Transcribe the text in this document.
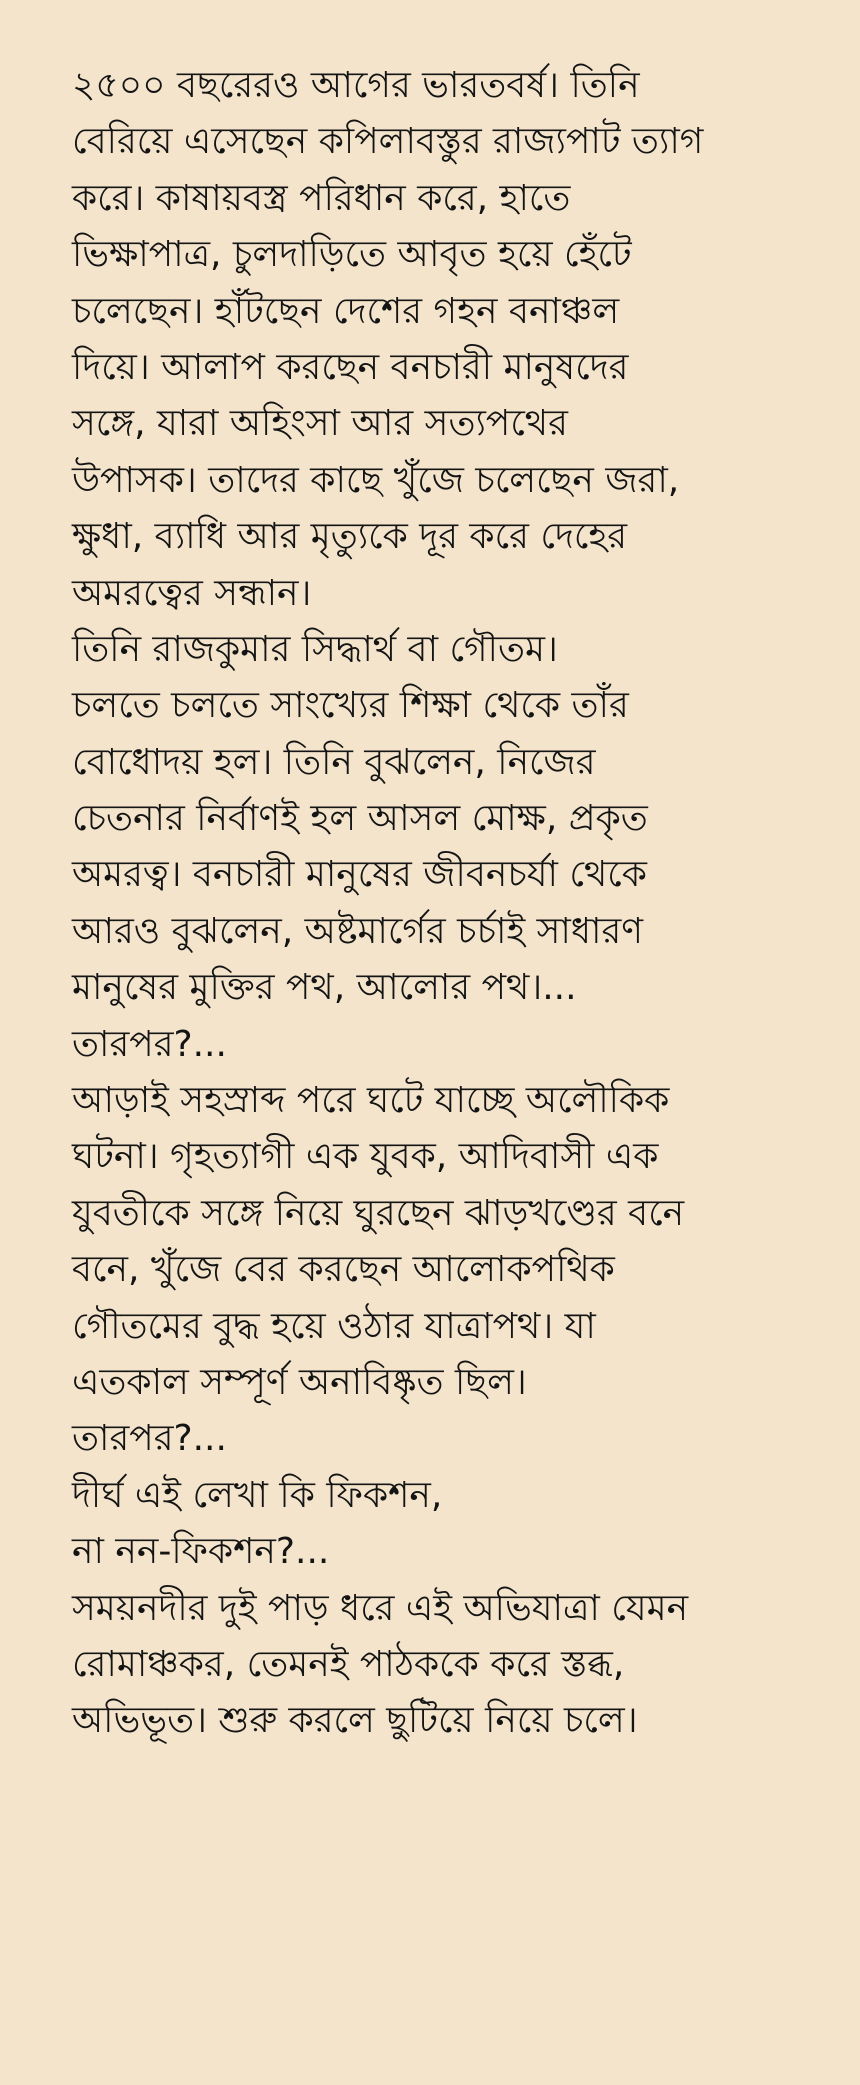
২৫০০ বছরেরও আগের ভারতবর্ষ। তিনি
বেরিয়ে এসেছেন কপিলাবস্তুর রাজ্যপাট ত্যাগ
করে। কাষায়বস্ত্র পরিধান করে, হাতে
ভিক্ষাপাত্র, চুলদাড়িতে আবৃত হয়ে হেঁটে
চলেছেন। হাঁটছেন দেশের গহন বনাঞ্চল
দিয়ে। আলাপ করছেন বনচারী মানুষদের
সঙ্গে, যারা অহিংসা আর সত্যপথের
উপাসক। তাদের কাছে খুঁজে চলেছেন জরা,
ক্ষুধা, ব্যাধি আর মৃত্যুকে দূর করে দেহের
অমরত্বের সন্ধান।
তিনি রাজকুমার সিদ্ধার্থ বা গৌতম।
চলতে চলতে সাংখ্যের শিক্ষা থেকে তাঁর
বোধোদয় হল। তিনি বুঝলেন, নিজের
চেতনার নির্বাণই হল আসল মোক্ষ, প্রকৃত
অমরত্ব। বনচারী মানুষের জীবনচর্যা থেকে
আরও বুঝলেন, অষ্টমার্গের চর্চাই সাধারণ
মানুষের মুক্তির পথ, আলোর পথ।...
তারপর?...
আড়াই সহস্রাব্দ পরে ঘটে যাচ্ছে অলৌকিক
ঘটনা। গৃহত্যাগী এক যুবক, আদিবাসী এক
যুবতীকে সঙ্গে নিয়ে ঘুরছেন ঝাড়খণ্ডের বনে
বনে, খুঁজে বের করছেন আলোকপথিক
গৌতমের বুদ্ধ হয়ে ওঠার যাত্রাপথ। যা
এতকাল সম্পূর্ণ অনাবিষ্কৃত ছিল।
তারপর?...
দীর্ঘ এই লেখা কি ফিকশন,
না নন-ফিকশন?...
সময়নদীর দুই পাড় ধরে এই অভিযাত্রা যেমন
রোমাঞ্চকর, তেমনই পাঠককে করে স্তব্ধ,
অভিভূত। শুরু করলে ছুটিয়ে নিয়ে চলে।
